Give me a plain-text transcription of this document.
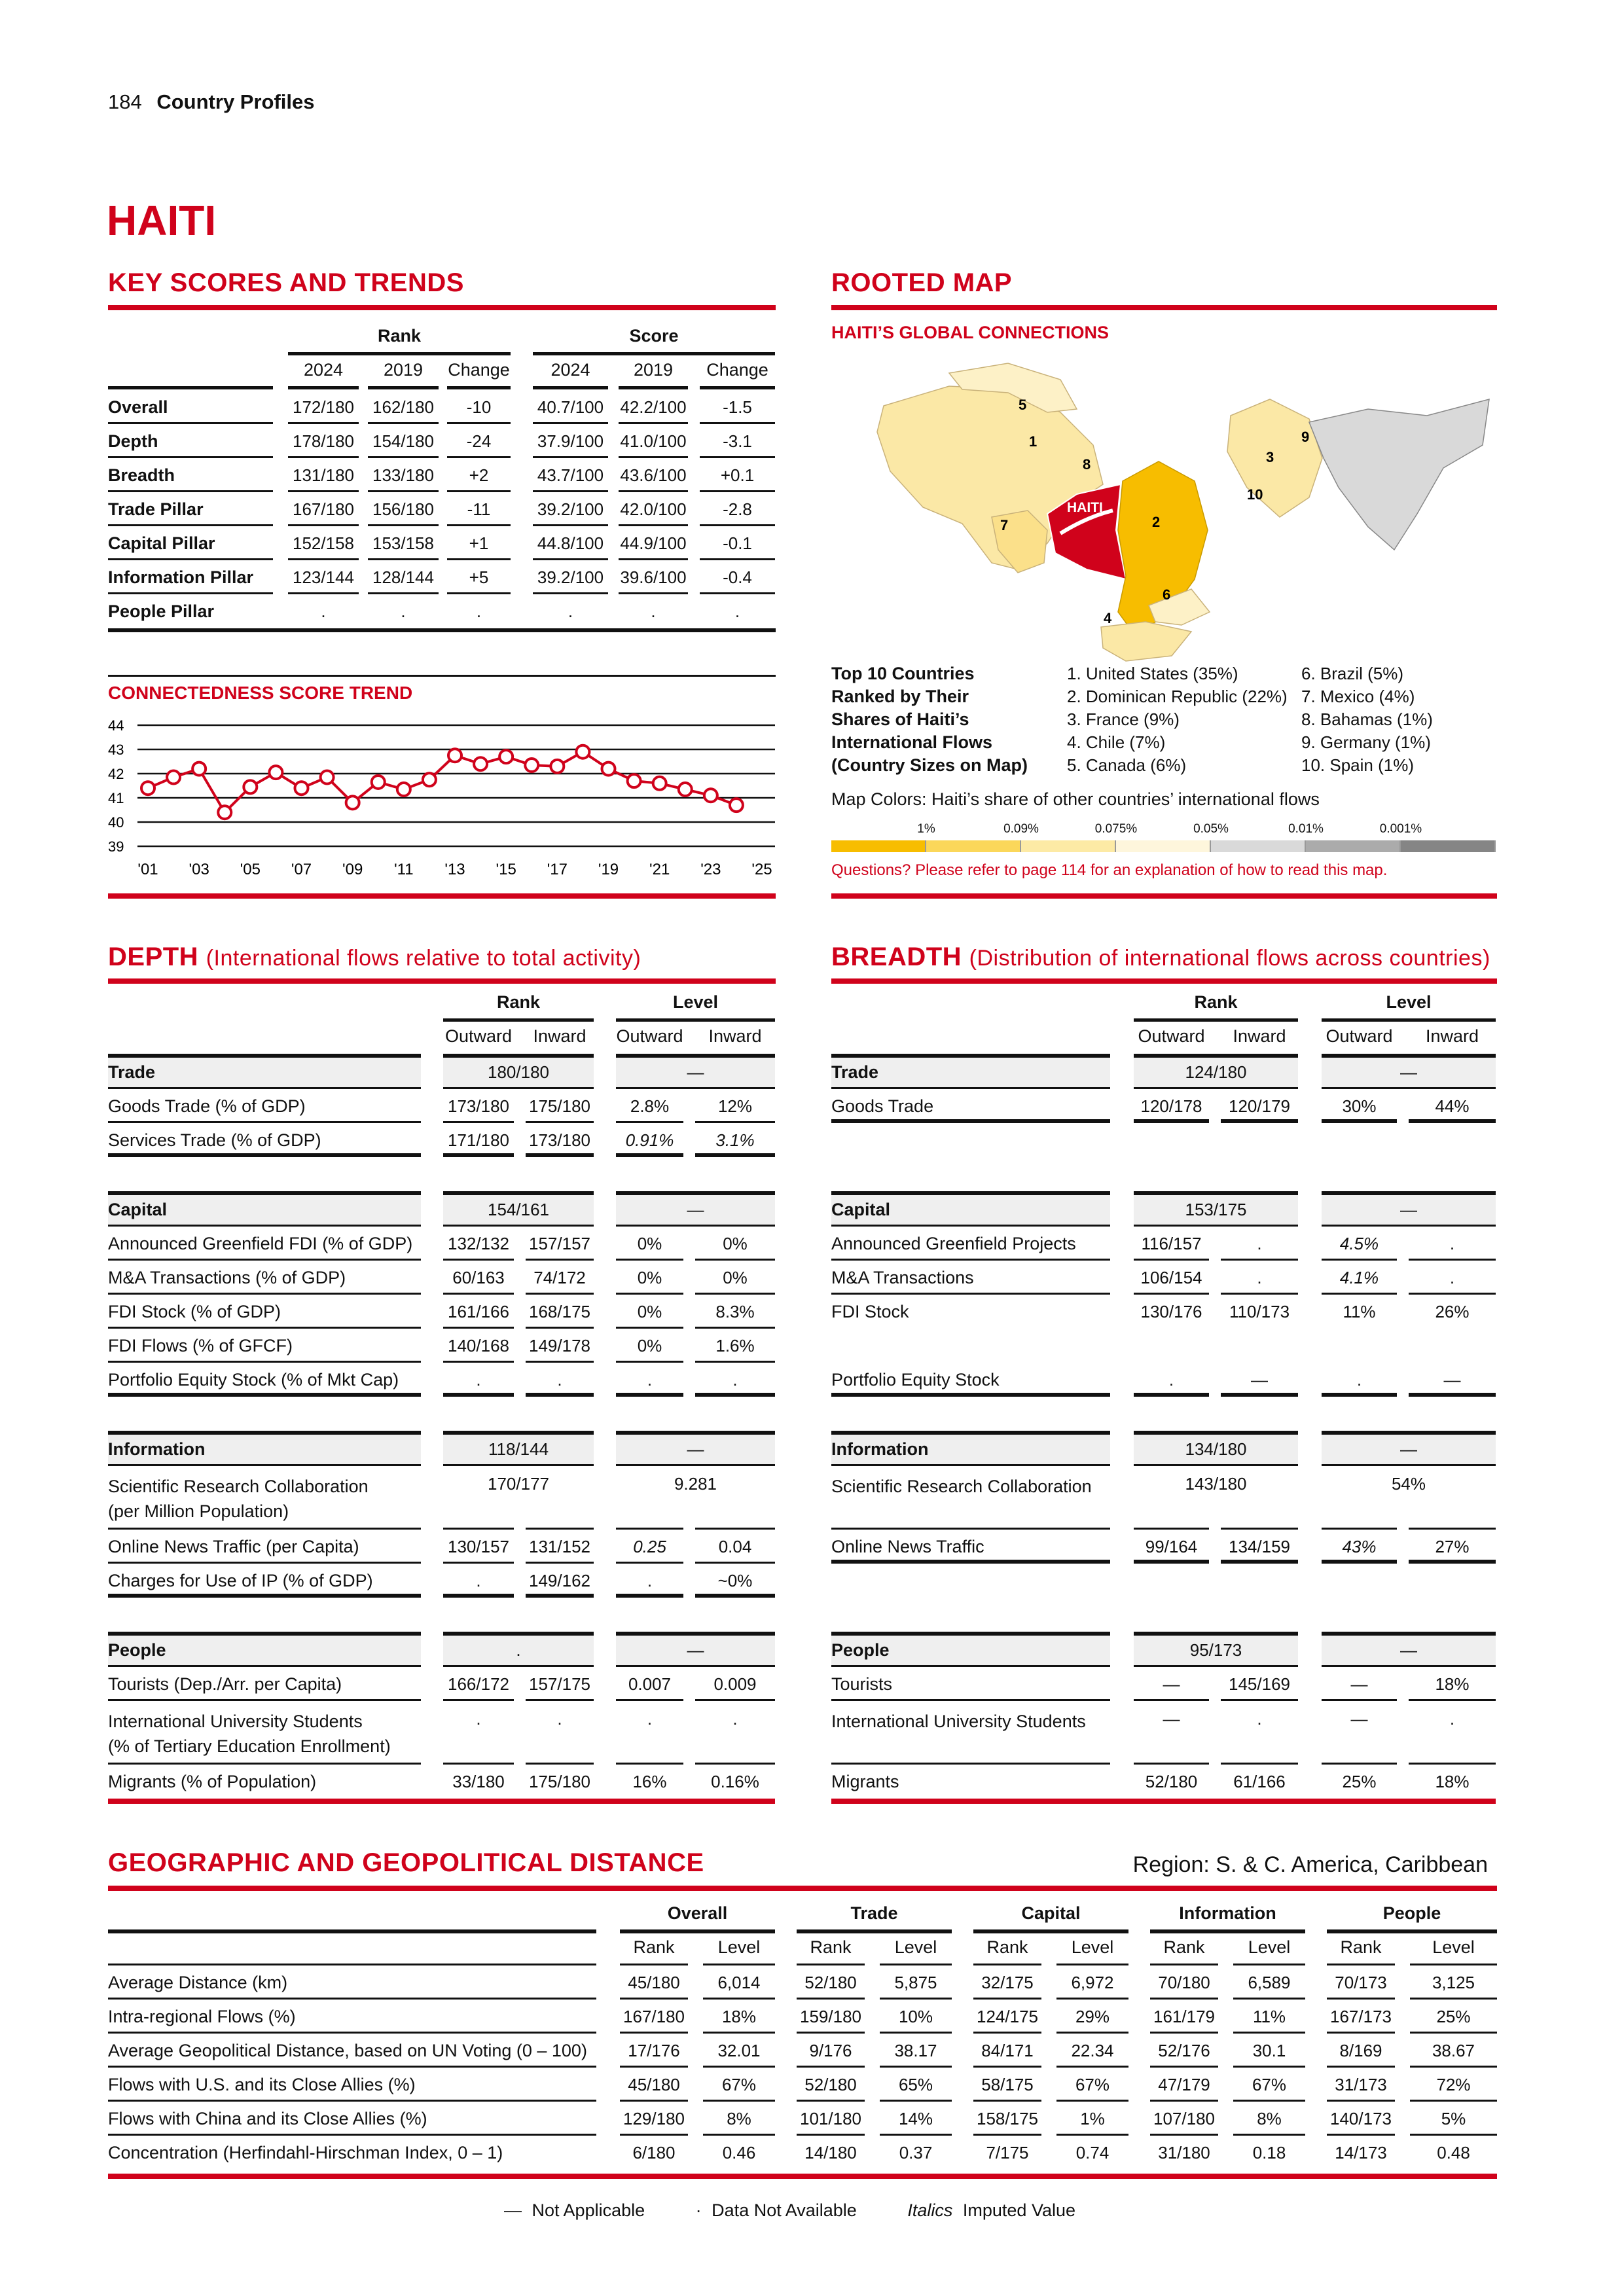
184 Country Profiles
HAITI
KEY SCORES AND TRENDS
CONNECTEDNESS SCORE TREND
44
43
42
41
40
39
'01 '03 '05 '07 '09 '11 '13 '15 '17 '19 '21 '23 '25
ROOTED MAP
HAITI’S GLOBAL CONNECTIONS
HAITI
1
2
3
4
5
6
7
8
9
10
Top 10 Countries
Ranked by Their
Shares of Haiti’s
International Flows
(Country Sizes on Map)
Map Colors: Haiti’s share of other countries’ international flows
Questions? Please refer to page 114 for an explanation of how to read this map.
DEPTH (International flows relative to total activity)	BREADTH (Distribution of international flows across countries)
GEOGRAPHIC AND GEOPOLITICAL DISTANCE	Region: S. & C. America, Caribbean
— Not Applicable	· Data Not Available	Italics Imputed Value
Rank	Score
2024	2019	Change	2024	2019	Change
Overall	172/180	162/180	-10	40.7/100 42.2/100	-1.5
Depth	178/180	154/180	-24	37.9/100 41.0/100	-3.1
Breadth	131/180	133/180	+2	43.7/100 43.6/100	+0.1
Trade Pillar	167/180	156/180	-11	39.2/100 42.0/100	-2.8
Capital Pillar	152/158	153/158	+1	44.8/100 44.9/100	-0.1
Information Pillar	123/144	128/144	+5	39.2/100 39.6/100	-0.4
People Pillar	.	.	.	.	.	.
1. United States (35%)
2. Dominican Republic (22%)
3. France (9%)
4. Chile (7%)
5. Canada (6%)
6. Brazil (5%)
7. Mexico (4%)
8. Bahamas (1%)
9. Germany (1%)
10. Spain (1%)
1%	0.09%	0.075%	0.05%	0.01%	0.001%
Rank	Level
Outward	Inward	Outward	Inward
Trade	180/180	—
Goods Trade (% of GDP)	173/180	175/180	2.8%	12%
Services Trade (% of GDP)	171/180	173/180	0.91%	3.1%
Capital	154/161	—
Announced Greenfield FDI (% of GDP)	132/132	157/157	0%	0%
M&A Transactions (% of GDP)	60/163	74/172	0%	0%
FDI Stock (% of GDP)	161/166	168/175	0%	8.3%
FDI Flows (% of GFCF)	140/168	149/178	0%	1.6%
Portfolio Equity Stock (% of Mkt Cap)	.	.	.	.
Information	118/144	—
Scientific Research Collaboration
(per Million Population)
170/177	9.281
Online News Traffic (per Capita)	130/157	131/152	0.25	0.04
Charges for Use of IP (% of GDP)	.	149/162	.	~0%
People	.	—
Tourists (Dep./Arr. per Capita)	166/172	157/175	0.007	0.009
International University Students
(% of Tertiary Education Enrollment)
.	.	.	.
Migrants (% of Population)	33/180	175/180	16%	0.16%
Rank	Level
Outward	Inward	Outward	Inward
Trade	124/180	—
Goods Trade	120/178	120/179	30%	44%
Capital	153/175	—
Announced Greenfield Projects	116/157	.	4.5%	.
M&A Transactions	106/154	.	4.1%	.
FDI Stock	130/176	110/173	11%	26%
Portfolio Equity Stock	.	—	.	—
Information	134/180	—
Scientific Research Collaboration	143/180	54%
Online News Traffic	99/164	134/159	43%	27%
People	95/173	—
Tourists	—	145/169	—	18%
International University Students	—	.	—	.
Migrants	52/180	61/166	25%	18%
Overall	Trade	Capital	Information	People
Rank	Level	Rank	Level	Rank	Level	Rank	Level	Rank	Level
Average Distance (km)	45/180	6,014	52/180	5,875	32/175	6,972	70/180	6,589	70/173	3,125
Intra-regional Flows (%)	167/180	18%	159/180	10%	124/175	29%	161/179	11%	167/173	25%
Average Geopolitical Distance, based on UN Voting (0 – 100)	17/176	32.01	9/176	38.17	84/171	22.34	52/176	30.1	8/169	38.67
Flows with U.S. and its Close Allies (%)	45/180	67%	52/180	65%	58/175	67%	47/179	67%	31/173	72%
Flows with China and its Close Allies (%)	129/180	8%	101/180	14%	158/175	1%	107/180	8%	140/173	5%
Concentration (Herfindahl-Hirschman Index, 0 – 1)	6/180	0.46	14/180	0.37	7/175	0.74	31/180	0.18	14/173	0.48
